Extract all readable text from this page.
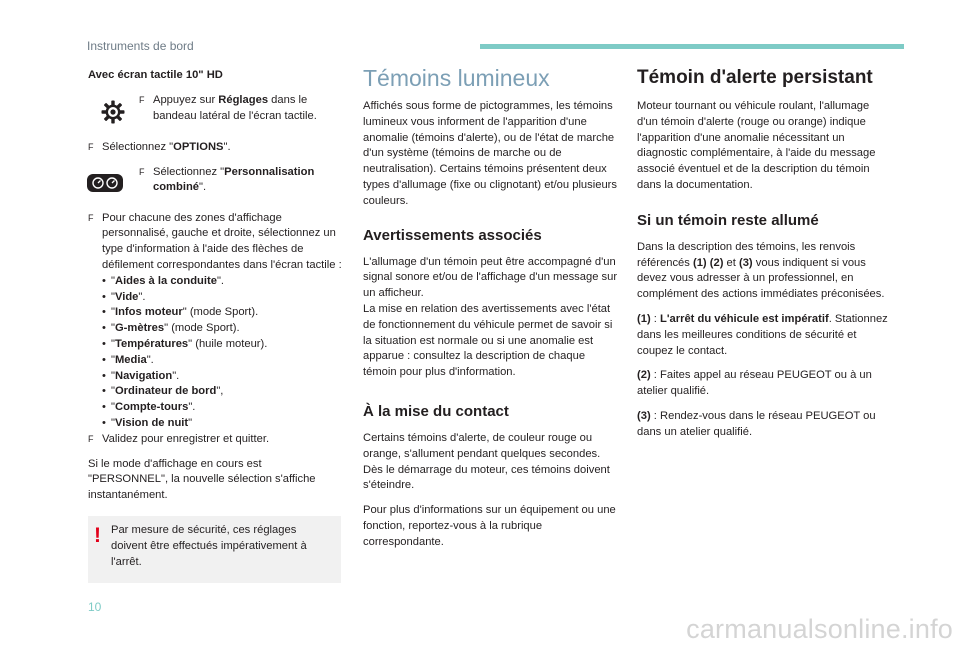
Instruments de bord

Avec écran tactile 10" HD

F Appuyez sur Réglages dans le bandeau latéral de l'écran tactile.

F Sélectionnez "OPTIONS".

F Sélectionnez "Personnalisation combiné".

F Pour chacune des zones d'affichage personnalisé, gauche et droite, sélectionnez un type d'information à l'aide des flèches de défilement correspondantes dans l'écran tactile :

• "Aides à la conduite".
• "Vide".
• "Infos moteur" (mode Sport).
• "G-mètres" (mode Sport).
• "Températures" (huile moteur).
• "Media".
• "Navigation".
• "Ordinateur de bord",
• "Compte-tours".
• "Vision de nuit"
F Validez pour enregistrer et quitter.

Si le mode d'affichage en cours est "PERSONNEL", la nouvelle sélection s'affiche instantanément.

! Par mesure de sécurité, ces réglages doivent être effectués impérativement à l'arrêt.

Témoins lumineux

Affichés sous forme de pictogrammes, les témoins lumineux vous informent de l'apparition d'une anomalie (témoins d'alerte), ou de l'état de marche d'un système (témoins de marche ou de neutralisation). Certains témoins présentent deux types d'allumage (fixe ou clignotant) et/ou plusieurs couleurs.

Avertissements associés

L'allumage d'un témoin peut être accompagné d'un signal sonore et/ou de l'affichage d'un message sur un afficheur.

La mise en relation des avertissements avec l'état de fonctionnement du véhicule permet de savoir si la situation est normale ou si une anomalie est apparue : consultez la description de chaque témoin pour plus d'information.

À la mise du contact

Certains témoins d'alerte, de couleur rouge ou orange, s'allument pendant quelques secondes. Dès le démarrage du moteur, ces témoins doivent s'éteindre.

Pour plus d'informations sur un équipement ou une fonction, reportez-vous à la rubrique correspondante.

Témoin d'alerte persistant

Moteur tournant ou véhicule roulant, l'allumage d'un témoin d'alerte (rouge ou orange) indique l'apparition d'une anomalie nécessitant un diagnostic complémentaire, à l'aide du message associé éventuel et de la description du témoin dans la documentation.

Si un témoin reste allumé

Dans la description des témoins, les renvois référencés (1) (2) et (3) vous indiquent si vous devez vous adresser à un professionnel, en complément des actions immédiates préconisées.

(1) : L'arrêt du véhicule est impératif. Stationnez dans les meilleures conditions de sécurité et coupez le contact.

(2) : Faites appel au réseau PEUGEOT ou à un atelier qualifié.

(3) : Rendez-vous dans le réseau PEUGEOT ou dans un atelier qualifié.

10
carmanualsonline.info
